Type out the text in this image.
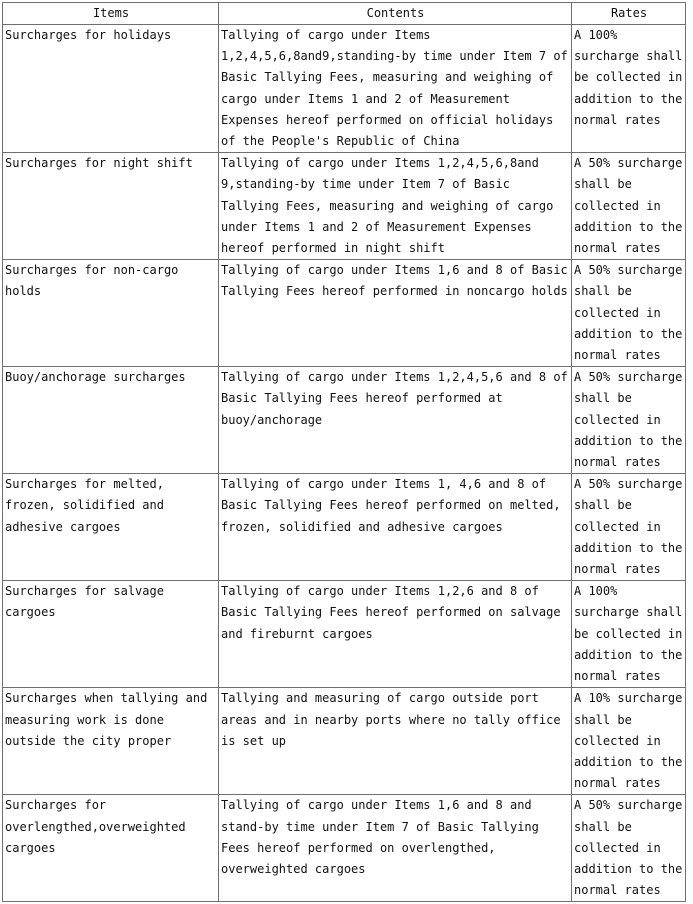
Items	Contents	Rates
Surcharges for holidays	Tallying of cargo under Items 1,2,4,5,6,8and9,standing-by time under Item 7 of Basic Tallying Fees, measuring and weighing of cargo under Items 1 and 2 of Measurement Expenses hereof performed on official holidays of the People's Republic of China	A 100% surcharge shall be collected in addition to the normal rates
Surcharges for night shift	Tallying of cargo under Items 1,2,4,5,6,8and 9,standing-by time under Item 7 of Basic Tallying Fees, measuring and weighing of cargo under Items 1 and 2 of Measurement Expenses hereof performed in night shift	A 50% surcharge shall be collected in addition to the normal rates
Surcharges for non-cargo holds	Tallying of cargo under Items 1,6 and 8 of Basic Tallying Fees hereof performed in noncargo holds	A 50% surcharge shall be collected in addition to the normal rates
Buoy/anchorage surcharges	Tallying of cargo under Items 1,2,4,5,6 and 8 of Basic Tallying Fees hereof performed at buoy/anchorage	A 50% surcharge shall be collected in addition to the normal rates
Surcharges for melted, frozen, solidified and adhesive cargoes	Tallying of cargo under Items 1, 4,6 and 8 of Basic Tallying Fees hereof performed on melted, frozen, solidified and adhesive cargoes	A 50% surcharge shall be collected in addition to the normal rates
Surcharges for salvage cargoes	Tallying of cargo under Items 1,2,6 and 8 of Basic Tallying Fees hereof performed on salvage and fireburnt cargoes	A 100% surcharge shall be collected in addition to the normal rates
Surcharges when tallying and measuring work is done outside the city proper	Tallying and measuring of cargo outside port areas and in nearby ports where no tally office is set up	A 10% surcharge shall be collected in addition to the normal rates
Surcharges for overlengthed,overweighted cargoes	Tallying of cargo under Items 1,6 and 8 and stand-by time under Item 7 of Basic Tallying Fees hereof performed on overlengthed, overweighted cargoes	A 50% surcharge shall be collected in addition to the normal rates
